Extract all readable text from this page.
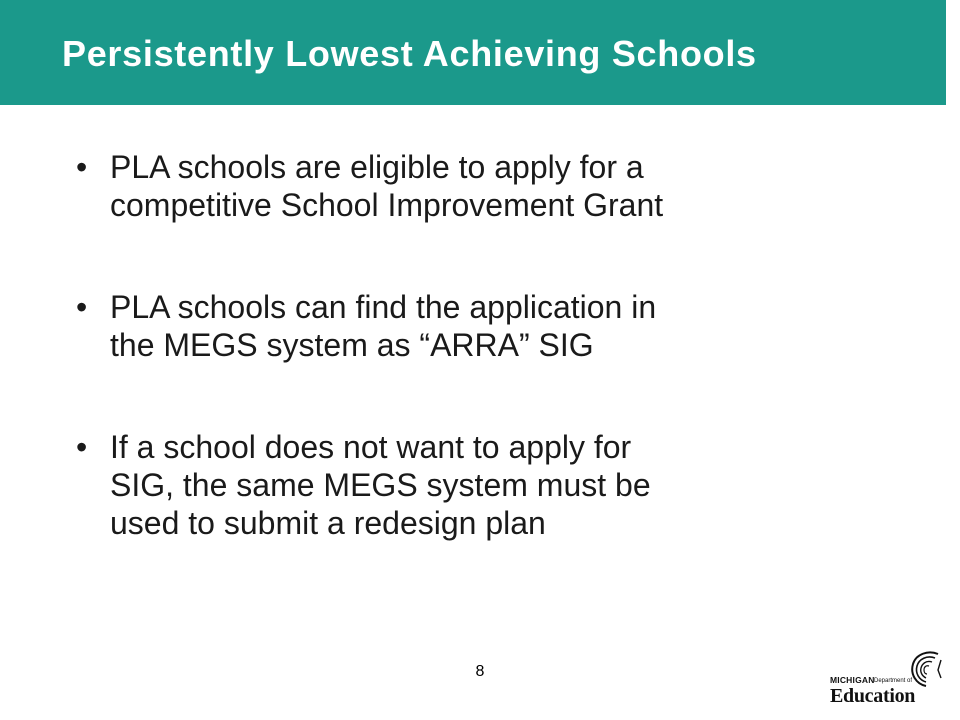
Persistently Lowest Achieving Schools
• PLA schools are eligible to apply for a
competitive School Improvement Grant
• PLA schools can find the application in
the MEGS system as “ARRA” SIG
• If a school does not want to apply for
SIG, the same MEGS system must be
used to submit a redesign plan
8	MICHIGAN Department of
Education
